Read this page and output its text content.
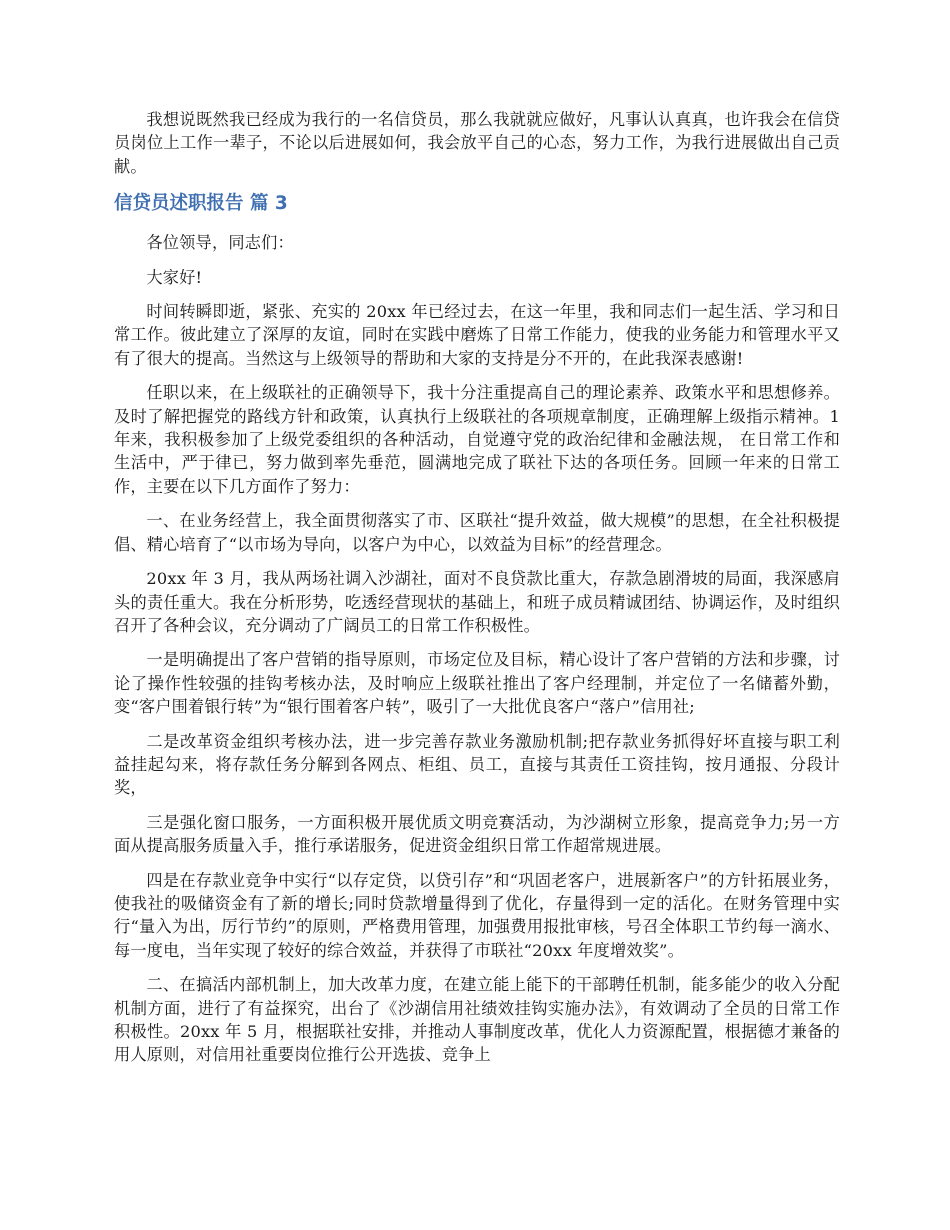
我想说既然我已经成为我行的一名信贷员，那么我就就应做好，凡事认认真真，也许我会在信贷员岗位上工作一辈子，不论以后进展如何，我会放平自己的心态，努力工作，为我行进展做出自己贡献。

信贷员述职报告 篇 3

各位领导，同志们：

大家好!

时间转瞬即逝，紧张、充实的 20xx 年已经过去，在这一年里，我和同志们一起生活、学习和日常工作。彼此建立了深厚的友谊，同时在实践中磨炼了日常工作能力，使我的业务能力和管理水平又有了很大的提高。当然这与上级领导的帮助和大家的支持是分不开的，在此我深表感谢!

任职以来，在上级联社的正确领导下，我十分注重提高自己的理论素养、政策水平和思想修养。及时了解把握党的路线方针和政策，认真执行上级联社的各项规章制度，正确理解上级指示精神。1 年来，我积极参加了上级党委组织的各种活动，自觉遵守党的政治纪律和金融法规， 在日常工作和生活中，严于律已，努力做到率先垂范，圆满地完成了联社下达的各项任务。回顾一年来的日常工作，主要在以下几方面作了努力：

一、在业务经营上，我全面贯彻落实了市、区联社“提升效益，做大规模”的思想，在全社积极提倡、精心培育了“以市场为导向，以客户为中心，以效益为目标”的经营理念。

20xx 年 3 月，我从两场社调入沙湖社，面对不良贷款比重大，存款急剧滑坡的局面，我深感肩头的责任重大。我在分析形势，吃透经营现状的基础上，和班子成员精诚团结、协调运作，及时组织召开了各种会议，充分调动了广阔员工的日常工作积极性。

一是明确提出了客户营销的指导原则，市场定位及目标，精心设计了客户营销的方法和步骤，讨论了操作性较强的挂钩考核办法，及时响应上级联社推出了客户经理制，并定位了一名储蓄外勤，变“客户围着银行转”为“银行围着客户转”，吸引了一大批优良客户“落户”信用社;

二是改革资金组织考核办法，进一步完善存款业务激励机制;把存款业务抓得好坏直接与职工利益挂起勾来，将存款任务分解到各网点、柜组、员工，直接与其责任工资挂钩，按月通报、分段计奖，

三是强化窗口服务，一方面积极开展优质文明竞赛活动，为沙湖树立形象，提高竞争力;另一方面从提高服务质量入手，推行承诺服务，促进资金组织日常工作超常规进展。

四是在存款业竞争中实行“以存定贷，以贷引存”和“巩固老客户，进展新客户”的方针拓展业务，使我社的吸储资金有了新的增长;同时贷款增量得到了优化，存量得到一定的活化。在财务管理中实行“量入为出，厉行节约”的原则，严格费用管理，加强费用报批审核，号召全体职工节约每一滴水、每一度电，当年实现了较好的综合效益，并获得了市联社“20xx 年度增效奖”。

二、在搞活内部机制上，加大改革力度，在建立能上能下的干部聘任机制，能多能少的收入分配机制方面，进行了有益探究，出台了《沙湖信用社绩效挂钩实施办法》，有效调动了全员的日常工作积极性。20xx 年 5 月，根据联社安排，并推动人事制度改革，优化人力资源配置，根据德才兼备的用人原则，对信用社重要岗位推行公开选拔、竞争上
